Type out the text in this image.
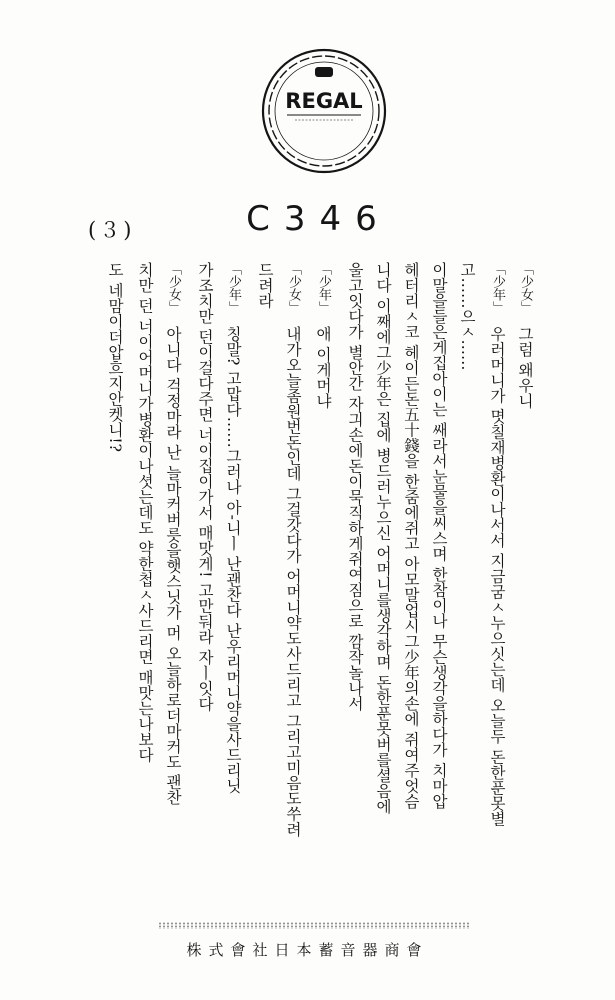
REGAL
(３)	C346
「少女」그럼 왜우니
「少年」우러머니가 몃칠재병환이나서서 지금굼ㅅ누으싯는데 오늘두 돈한푼못별
고……으ㅅ……
이말을들은게집아이는 쌔라서눈물을씨스며 한참이나 무슨생각을하다가 치마압
헤터리ㅅ코 헤이든돈五十錢을 한줌에쥐고 아모말업시그少年의손에 쥐여주엇슴
니다 이째에그少年은 집에 병드러누으신 어머니를생각하며 돈한푼못버를셜음에
울고잇다가 별안간 자긔손에돈이묵직하게쥐여짐으로 깜작놀나서
「少年」애 이게머냐
「少女」내가오늘좀원번돈인데 그걸갓다가 어머니약도사드리고 그리고미음도쑤려
드려라
「少年」칭말? 고맙다……그러나 아-니ㅣ 난괜찬다 난우리머니약을사드리닛
가조치만 던이걸다주면 너이집이가서 매맛게! 고만둬라 자ㅣ잇다
「少女」아니다 걱정마라 난 늘마커버릇을햇스닛가 머 오늘하로더마커도 괜찬
치만 던 너이어머니가병환이나셧는데도 약한첩ㅅ사드리면 매맛는나보다
도 네맘이더압흐지안켓니!?
株式會社日本蓄音器商會
